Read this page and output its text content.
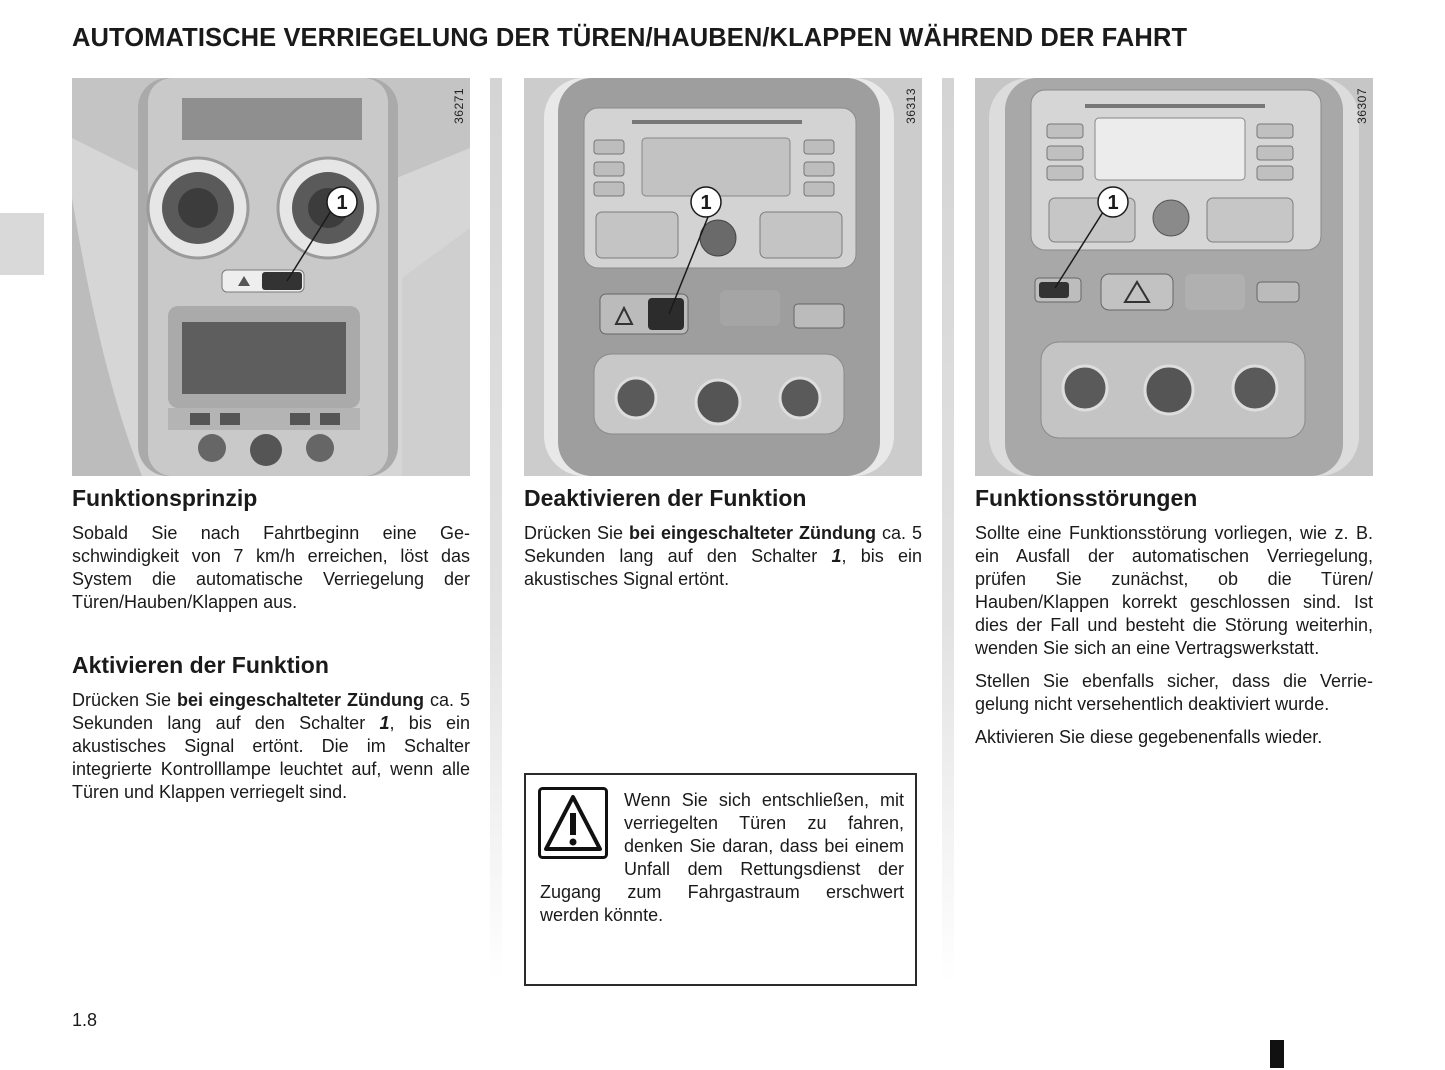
AUTOMATISCHE VERRIEGELUNG DER TÜREN/HAUBEN/KLAPPEN WÄHREND DER FAHRT
1
36271
Funktionsprinzip

Sobald Sie nach Fahrtbeginn eine Geschwindigkeit von 7 km/h erreichen, löst das System die automatische Verriegelung der Türen/Hauben/Klappen aus.

Aktivieren der Funktion

Drücken Sie bei eingeschalteter Zündung ca. 5 Sekunden lang auf den Schalter 1, bis ein akustisches Signal ertönt. Die im Schalter integrierte Kontrolllampe leuchtet auf, wenn alle Türen und Klappen verriegelt sind.

1
36313
Deaktivieren der Funktion

Drücken Sie bei eingeschalteter Zündung ca. 5 Sekunden lang auf den Schalter 1, bis ein akustisches Signal ertönt.

Wenn Sie sich entschließen, mit verriegelten Türen zu fahren, denken Sie daran, dass bei einem Unfall dem Rettungsdienst der Zugang zum Fahrgastraum erschwert werden könnte.

1
36307
Funktionsstörungen

Sollte eine Funktionsstörung vorliegen, wie z. B. ein Ausfall der automatischen Verriegelung, prüfen Sie zunächst, ob die Türen/ Hauben/Klappen korrekt geschlossen sind. Ist dies der Fall und besteht die Störung weiterhin, wenden Sie sich an eine Vertragswerkstatt.

Stellen Sie ebenfalls sicher, dass die Verriegelung nicht versehentlich deaktiviert wurde.

Aktivieren Sie diese gegebenenfalls wieder.

1.8
